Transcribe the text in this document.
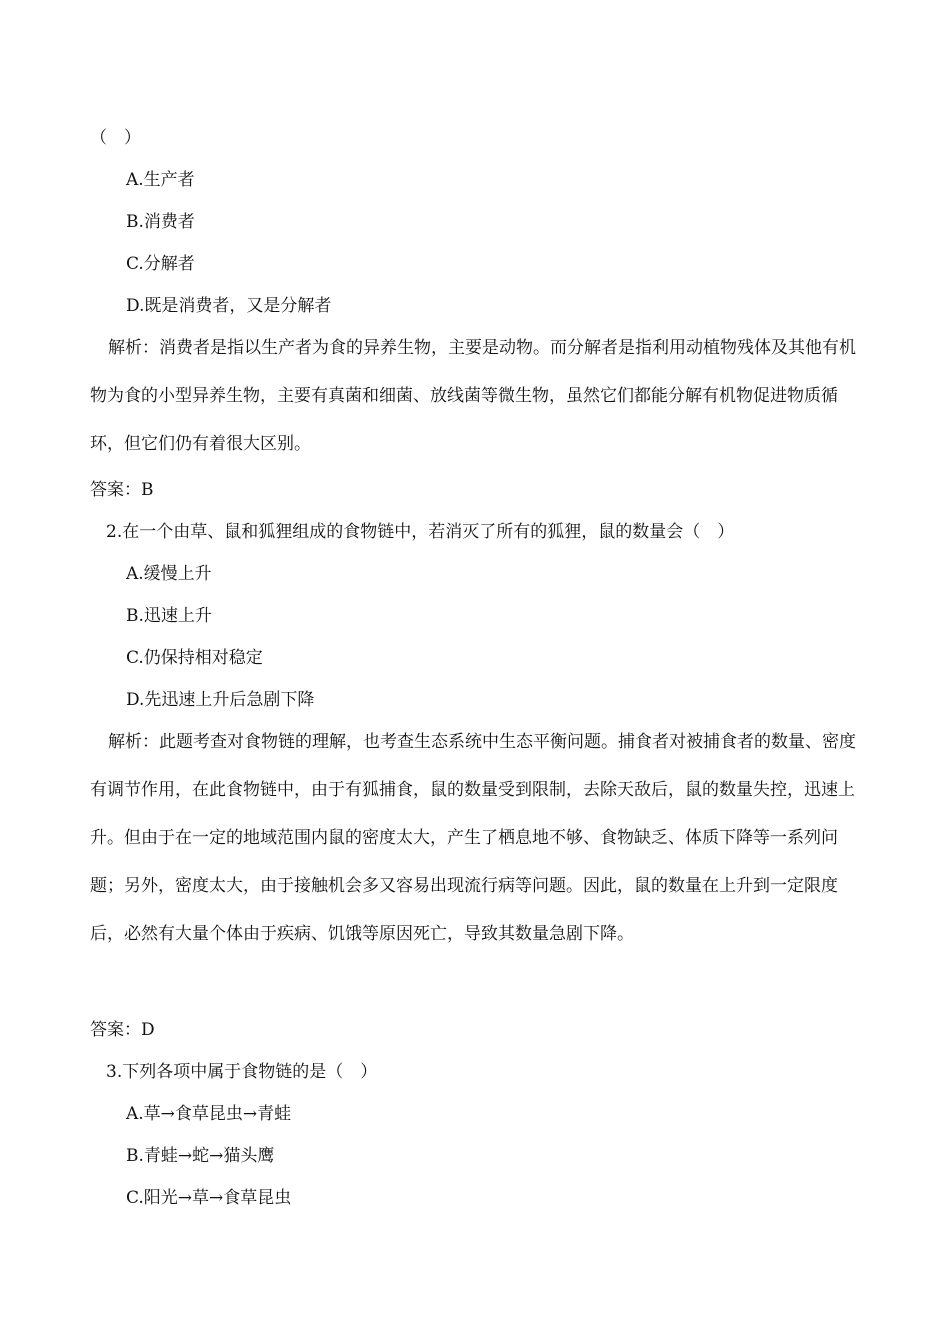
（　）
A.生产者
B.消费者
C.分解者
D.既是消费者，又是分解者
解析：消费者是指以生产者为食的异养生物，主要是动物。而分解者是指利用动植物残体及其他有机物为食的小型异养生物，主要有真菌和细菌、放线菌等微生物，虽然它们都能分解有机物促进物质循环，但它们仍有着很大区别。
答案：B
2.在一个由草、鼠和狐狸组成的食物链中，若消灭了所有的狐狸，鼠的数量会（　）
A.缓慢上升
B.迅速上升
C.仍保持相对稳定
D.先迅速上升后急剧下降
解析：此题考查对食物链的理解，也考查生态系统中生态平衡问题。捕食者对被捕食者的数量、密度有调节作用，在此食物链中，由于有狐捕食，鼠的数量受到限制，去除天敌后，鼠的数量失控，迅速上升。但由于在一定的地域范围内鼠的密度太大，产生了栖息地不够、食物缺乏、体质下降等一系列问题；另外，密度太大，由于接触机会多又容易出现流行病等问题。因此，鼠的数量在上升到一定限度后，必然有大量个体由于疾病、饥饿等原因死亡，导致其数量急剧下降。
答案：D
3.下列各项中属于食物链的是（　）
A.草→食草昆虫→青蛙
B.青蛙→蛇→猫头鹰
C.阳光→草→食草昆虫
